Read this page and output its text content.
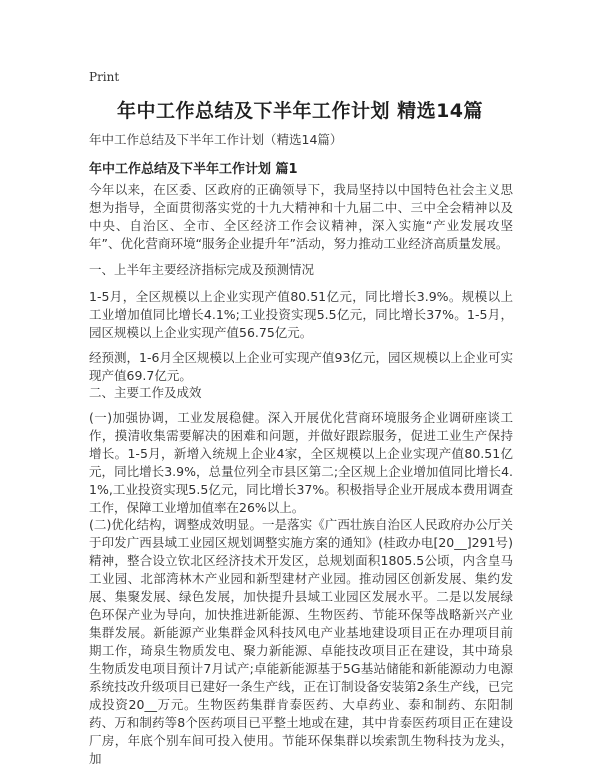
Print
年中工作总结及下半年工作计划 精选14篇
年中工作总结及下半年工作计划（精选14篇）
年中工作总结及下半年工作计划 篇1
今年以来，在区委、区政府的正确领导下，我局坚持以中国特色社会主义思想为指导，全面贯彻落实党的十九大精神和十九届二中、三中全会精神以及中央、自治区、全市、全区经济工作会议精神，深入实施“产业发展攻坚年”、优化营商环境“服务企业提升年”活动，努力推动工业经济高质量发展。
一、上半年主要经济指标完成及预测情况
1-5月，全区规模以上企业实现产值80.51亿元，同比增长3.9%。规模以上工业增加值同比增长4.1%;工业投资实现5.5亿元，同比增长37%。1-5月，园区规模以上企业实现产值56.75亿元。
经预测，1-6月全区规模以上企业可实现产值93亿元，园区规模以上企业可实现产值69.7亿元。
二、主要工作及成效
(一)加强协调，工业发展稳健。深入开展优化营商环境服务企业调研座谈工作，摸清收集需要解决的困难和问题，并做好跟踪服务，促进工业生产保持增长。1-5月，新增入统规上企业4家，全区规模以上企业实现产值80.51亿元，同比增长3.9%，总量位列全市县区第二;全区规上企业增加值同比增长4.1%,工业投资实现5.5亿元，同比增长37%。积极指导企业开展成本费用调查工作，保障工业增加值率在26%以上。
(二)优化结构，调整成效明显。一是落实《广西壮族自治区人民政府办公厅关于印发广西县域工业园区规划调整实施方案的通知》(桂政办电[20__]291号)精神，整合设立钦北区经济技术开发区，总规划面积1805.5公顷，内含皇马工业园、北部湾林木产业园和新型建材产业园。推动园区创新发展、集约发展、集聚发展、绿色发展，加快提升县域工业园区发展水平。二是以发展绿色环保产业为导向，加快推进新能源、生物医药、节能环保等战略新兴产业集群发展。新能源产业集群金风科技风电产业基地建设项目正在办理项目前期工作，琦泉生物质发电、聚力新能源、卓能技改项目正在建设，其中琦泉生物质发电项目预计7月试产;卓能新能源基于5G基站储能和新能源动力电源系统技改升级项目已建好一条生产线，正在订制设备安装第2条生产线，已完成投资20__万元。生物医药集群肯泰医药、大卓药业、泰和制药、东阳制药、万和制药等8个医药项目已平整土地或在建，其中肯泰医药项目正在建设厂房，年底个别车间可投入使用。节能环保集群以埃索凯生物科技为龙头，加
